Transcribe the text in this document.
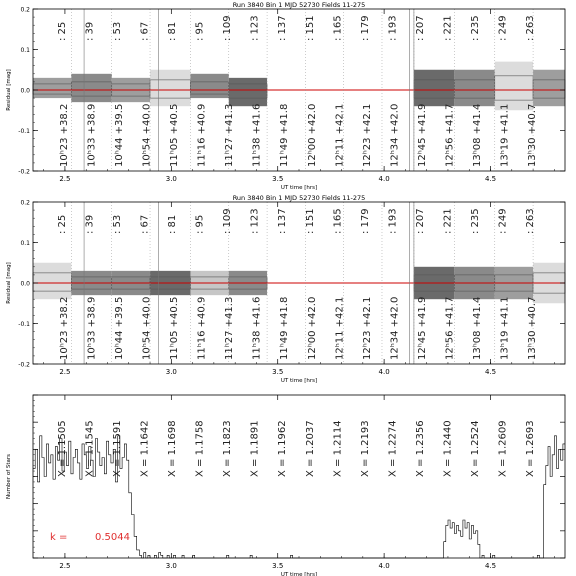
Run 3840 Bin 1 MJD 52730 Fields 11-275
-0.2
-0.1
0.0
0.1
0.2
2.5	3.0	3.5	4.0	4.5
UT time [hrs]
Residual [mag]
: 25 : 39 : 53 : 67 : 81 : 95 : 109 : 123 : 137 : 151 : 165 : 179 : 193 : 207 : 221 : 235 : 249 : 263
10ʰ23 +38.2 10ʰ33 +38.9 10ʰ44 +39.5 10ʰ54 +40.0 11ʰ05 +40.5 11ʰ16 +40.9 11ʰ27 +41.3 11ʰ38 +41.6 11ʰ49 +41.8 12ʰ00 +42.0 12ʰ11 +42.1 12ʰ23 +42.1 12ʰ34 +42.0 12ʰ45 +41.9 12ʰ56 +41.7 13ʰ08 +41.4 13ʰ19 +41.1 13ʰ30 +40.7
Run 3840 Bin 1 MJD 52730 Fields 11-275
-0.2
-0.1
0.0
0.1
0.2
2.5	3.0	3.5	4.0	4.5
UT time [hrs]
Residual [mag]
: 25 : 39 : 53 : 67 : 81 : 95 : 109 : 123 : 137 : 151 : 165 : 179 : 193 : 207 : 221 : 235 : 249 : 263
10ʰ23 +38.2 10ʰ33 +38.9 10ʰ44 +39.5 10ʰ54 +40.0 11ʰ05 +40.5 11ʰ16 +40.9 11ʰ27 +41.3 11ʰ38 +41.6 11ʰ49 +41.8 12ʰ00 +42.0 12ʰ11 +42.1 12ʰ23 +42.1 12ʰ34 +42.0 12ʰ45 +41.9 12ʰ56 +41.7 13ʰ08 +41.4 13ʰ19 +41.1 13ʰ30 +40.7
2.5	3.0	3.5	4.0	4.5
UT time [hrs]
Number of Stars	X = 1.1505 X = 1.1545 X = 1.1591 X = 1.1642 X = 1.1698 X = 1.1758 X = 1.1823 X = 1.1891 X = 1.1962 X = 1.2037 X = 1.2114 X = 1.2193 X = 1.2274 X = 1.2356 X = 1.2440 X = 1.2524 X = 1.2609 X = 1.2693
k =	0.5044
